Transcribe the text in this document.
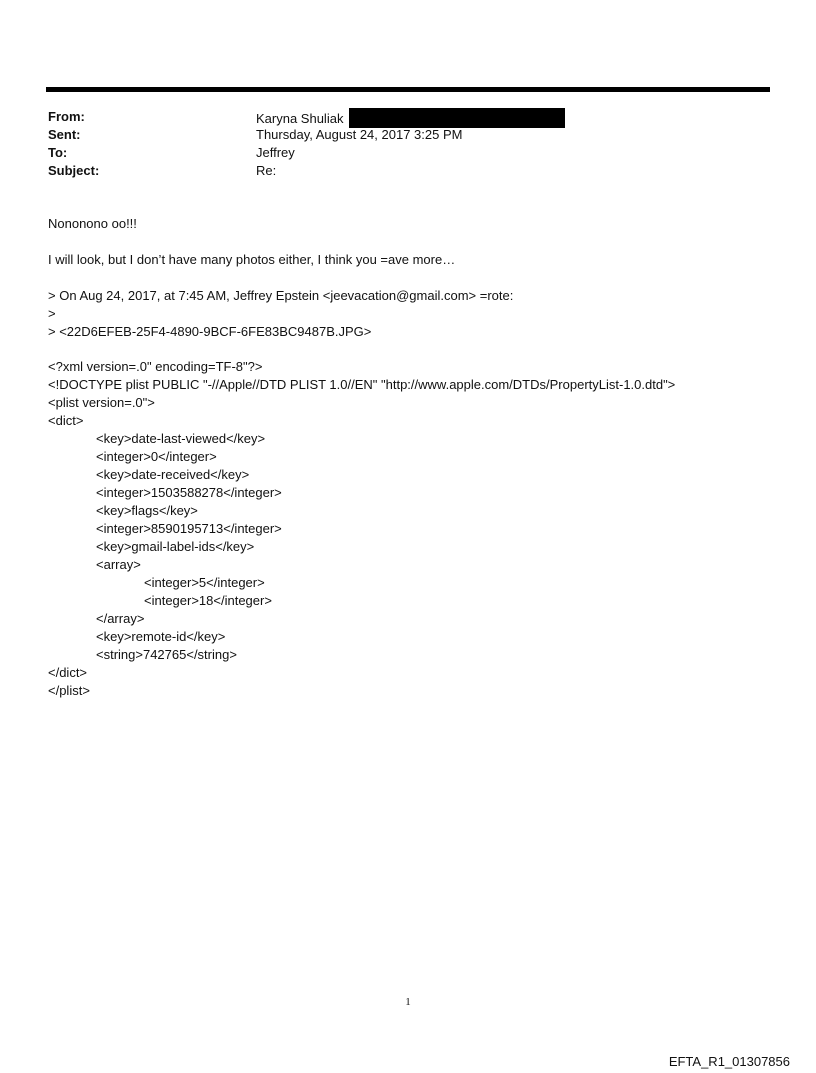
From:	Karyna Shuliak
Sent:	Thursday, August 24, 2017 3:25 PM
To:	Jeffrey
Subject:	Re:
Nononono oo!!!
I will look, but I don’t have many photos either, I think you =ave more…
> On Aug 24, 2017, at 7:45 AM, Jeffrey Epstein <jeevacation@gmail.com> =rote:
>
> <22D6EFEB-25F4-4890-9BCF-6FE83BC9487B.JPG>
<?xml version=.0" encoding=TF-8"?>
<!DOCTYPE plist PUBLIC "-//Apple//DTD PLIST 1.0//EN" "http://www.apple.com/DTDs/PropertyList-1.0.dtd">
<plist version=.0">
<dict>
<key>date-last-viewed</key>
<integer>0</integer>
<key>date-received</key>
<integer>1503588278</integer>
<key>flags</key>
<integer>8590195713</integer>
<key>gmail-label-ids</key>
<array>
<integer>5</integer>
<integer>18</integer>
</array>
<key>remote-id</key>
<string>742765</string>
</dict>
</plist>
1
EFTA_R1_01307856
